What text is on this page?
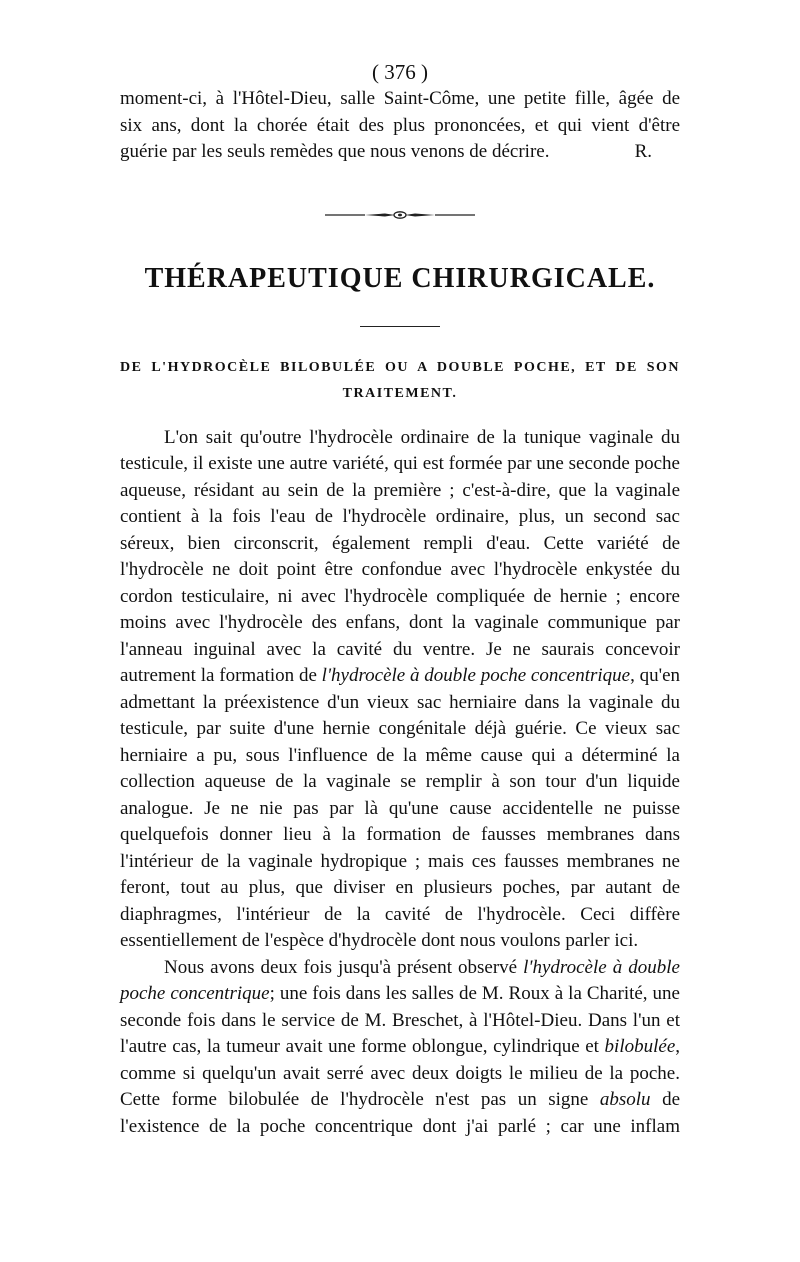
( 376 )
moment-ci, à l'Hôtel-Dieu, salle Saint-Côme, une petite fille, âgée de
six ans, dont la chorée était des plus prononcées, et qui vient d'être
guérie par les seuls remèdes que nous venons de décrire.	R.
THÉRAPEUTIQUE CHIRURGICALE.
DE L'HYDROCÈLE BILOBULÉE OU A DOUBLE POCHE, ET DE SON
TRAITEMENT.

L'on sait qu'outre l'hydrocèle ordinaire de la tunique vaginale du testicule, il existe une autre variété, qui est formée par une seconde poche aqueuse, résidant au sein de la première ; c'est-à-dire, que la vaginale contient à la fois l'eau de l'hydrocèle ordinaire, plus, un second sac séreux, bien circonscrit, également rempli d'eau. Cette variété de l'hydrocèle ne doit point être confondue avec l'hydrocèle enkystée du cordon testiculaire, ni avec l'hydrocèle compliquée de hernie ; encore moins avec l'hydrocèle des enfans, dont la vaginale communique par l'anneau inguinal avec la cavité du ventre. Je ne saurais concevoir autrement la formation de l'hydrocèle à double poche concentrique, qu'en admettant la préexistence d'un vieux sac herniaire dans la vaginale du testicule, par suite d'une hernie congénitale déjà guérie. Ce vieux sac herniaire a pu, sous l'influence de la même cause qui a déterminé la collection aqueuse de la vaginale se remplir à son tour d'un liquide analogue. Je ne nie pas par là qu'une cause accidentelle ne puisse quelquefois donner lieu à la formation de fausses membranes dans l'intérieur de la vaginale hydropique ; mais ces fausses membranes ne feront, tout au plus, que diviser en plusieurs poches, par autant de diaphragmes, l'intérieur de la cavité de l'hydrocèle. Ceci diffère essentiellement de l'espèce d'hydrocèle dont nous voulons parler ici.

Nous avons deux fois jusqu'à présent observé l'hydrocèle à double poche concentrique; une fois dans les salles de M. Roux à la Charité, une seconde fois dans le service de M. Breschet, à l'Hôtel-Dieu. Dans l'un et l'autre cas, la tumeur avait une forme oblongue, cylindrique et bilobulée, comme si quelqu'un avait serré avec deux doigts le milieu de la poche. Cette forme bilobulée de l'hydrocèle n'est pas un signe absolu de l'existence de la poche concentrique dont j'ai parlé ; car une inflam
